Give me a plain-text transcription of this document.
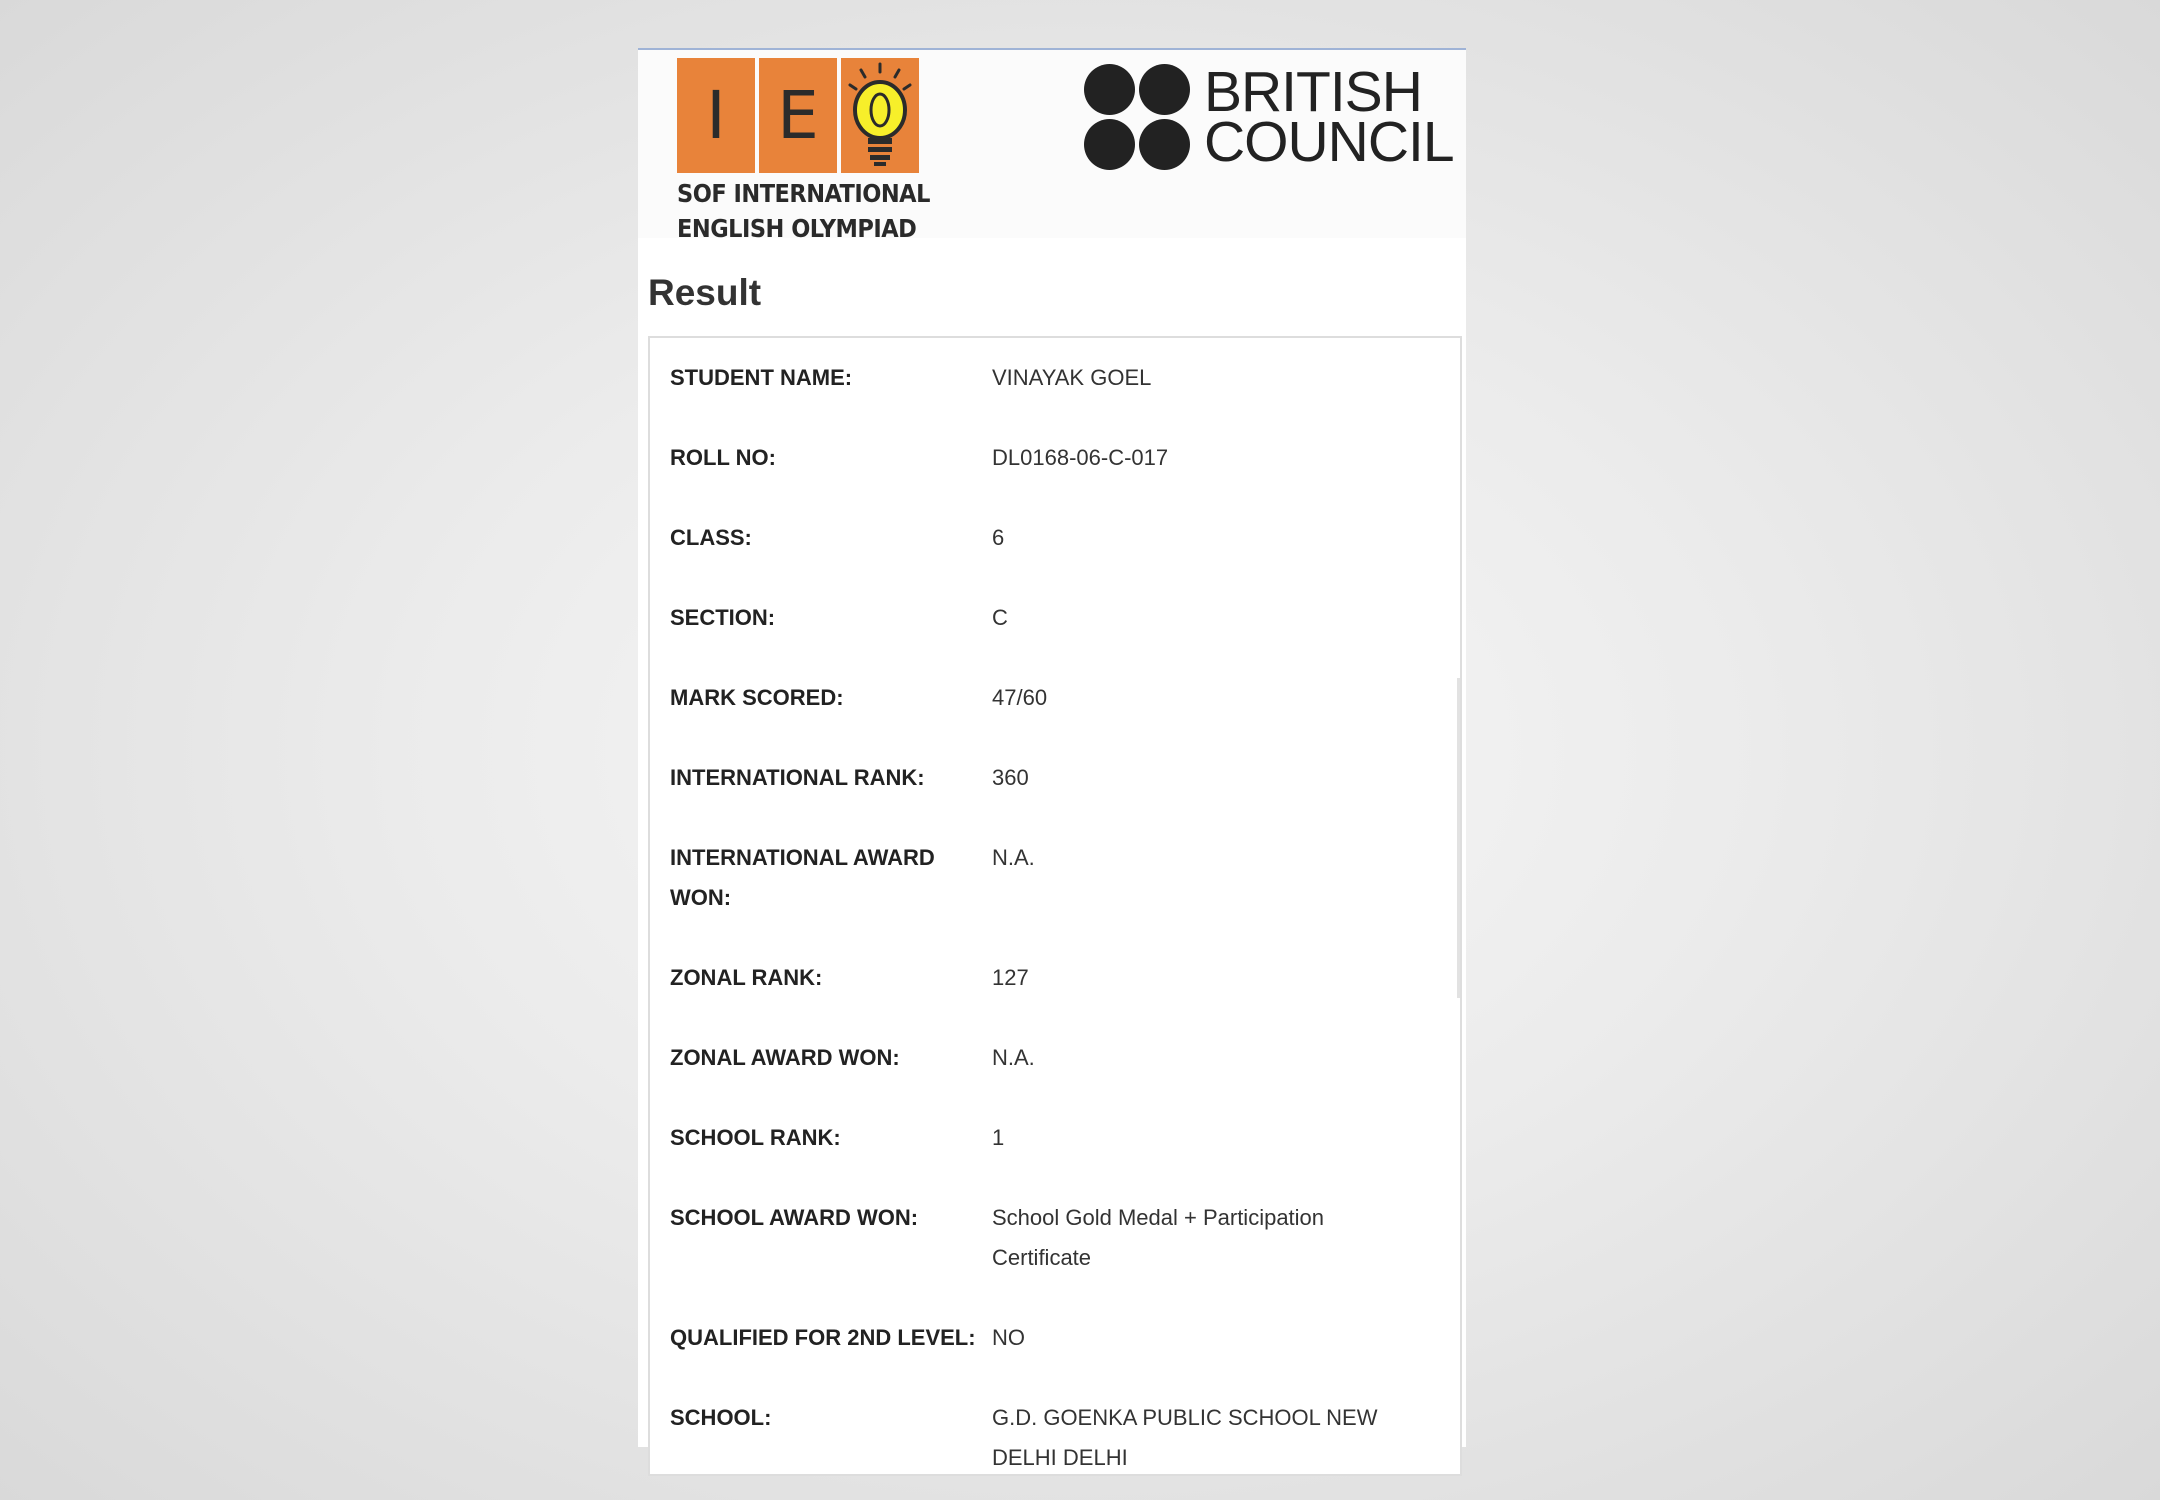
I E
SOF INTERNATIONAL
ENGLISH OLYMPIAD
BRITISH
COUNCIL
Result
STUDENT NAME:	VINAYAK GOEL
ROLL NO:	DL0168-06-C-017
CLASS:	6
SECTION:	C
MARK SCORED:	47/60
INTERNATIONAL RANK:	360
INTERNATIONAL AWARD WON:
N.A.
ZONAL RANK:	127
ZONAL AWARD WON:	N.A.
SCHOOL RANK:	1
SCHOOL AWARD WON:	School Gold Medal + Participation Certificate
QUALIFIED FOR 2ND LEVEL: NO
SCHOOL:	G.D. GOENKA PUBLIC SCHOOL NEW DELHI DELHI
